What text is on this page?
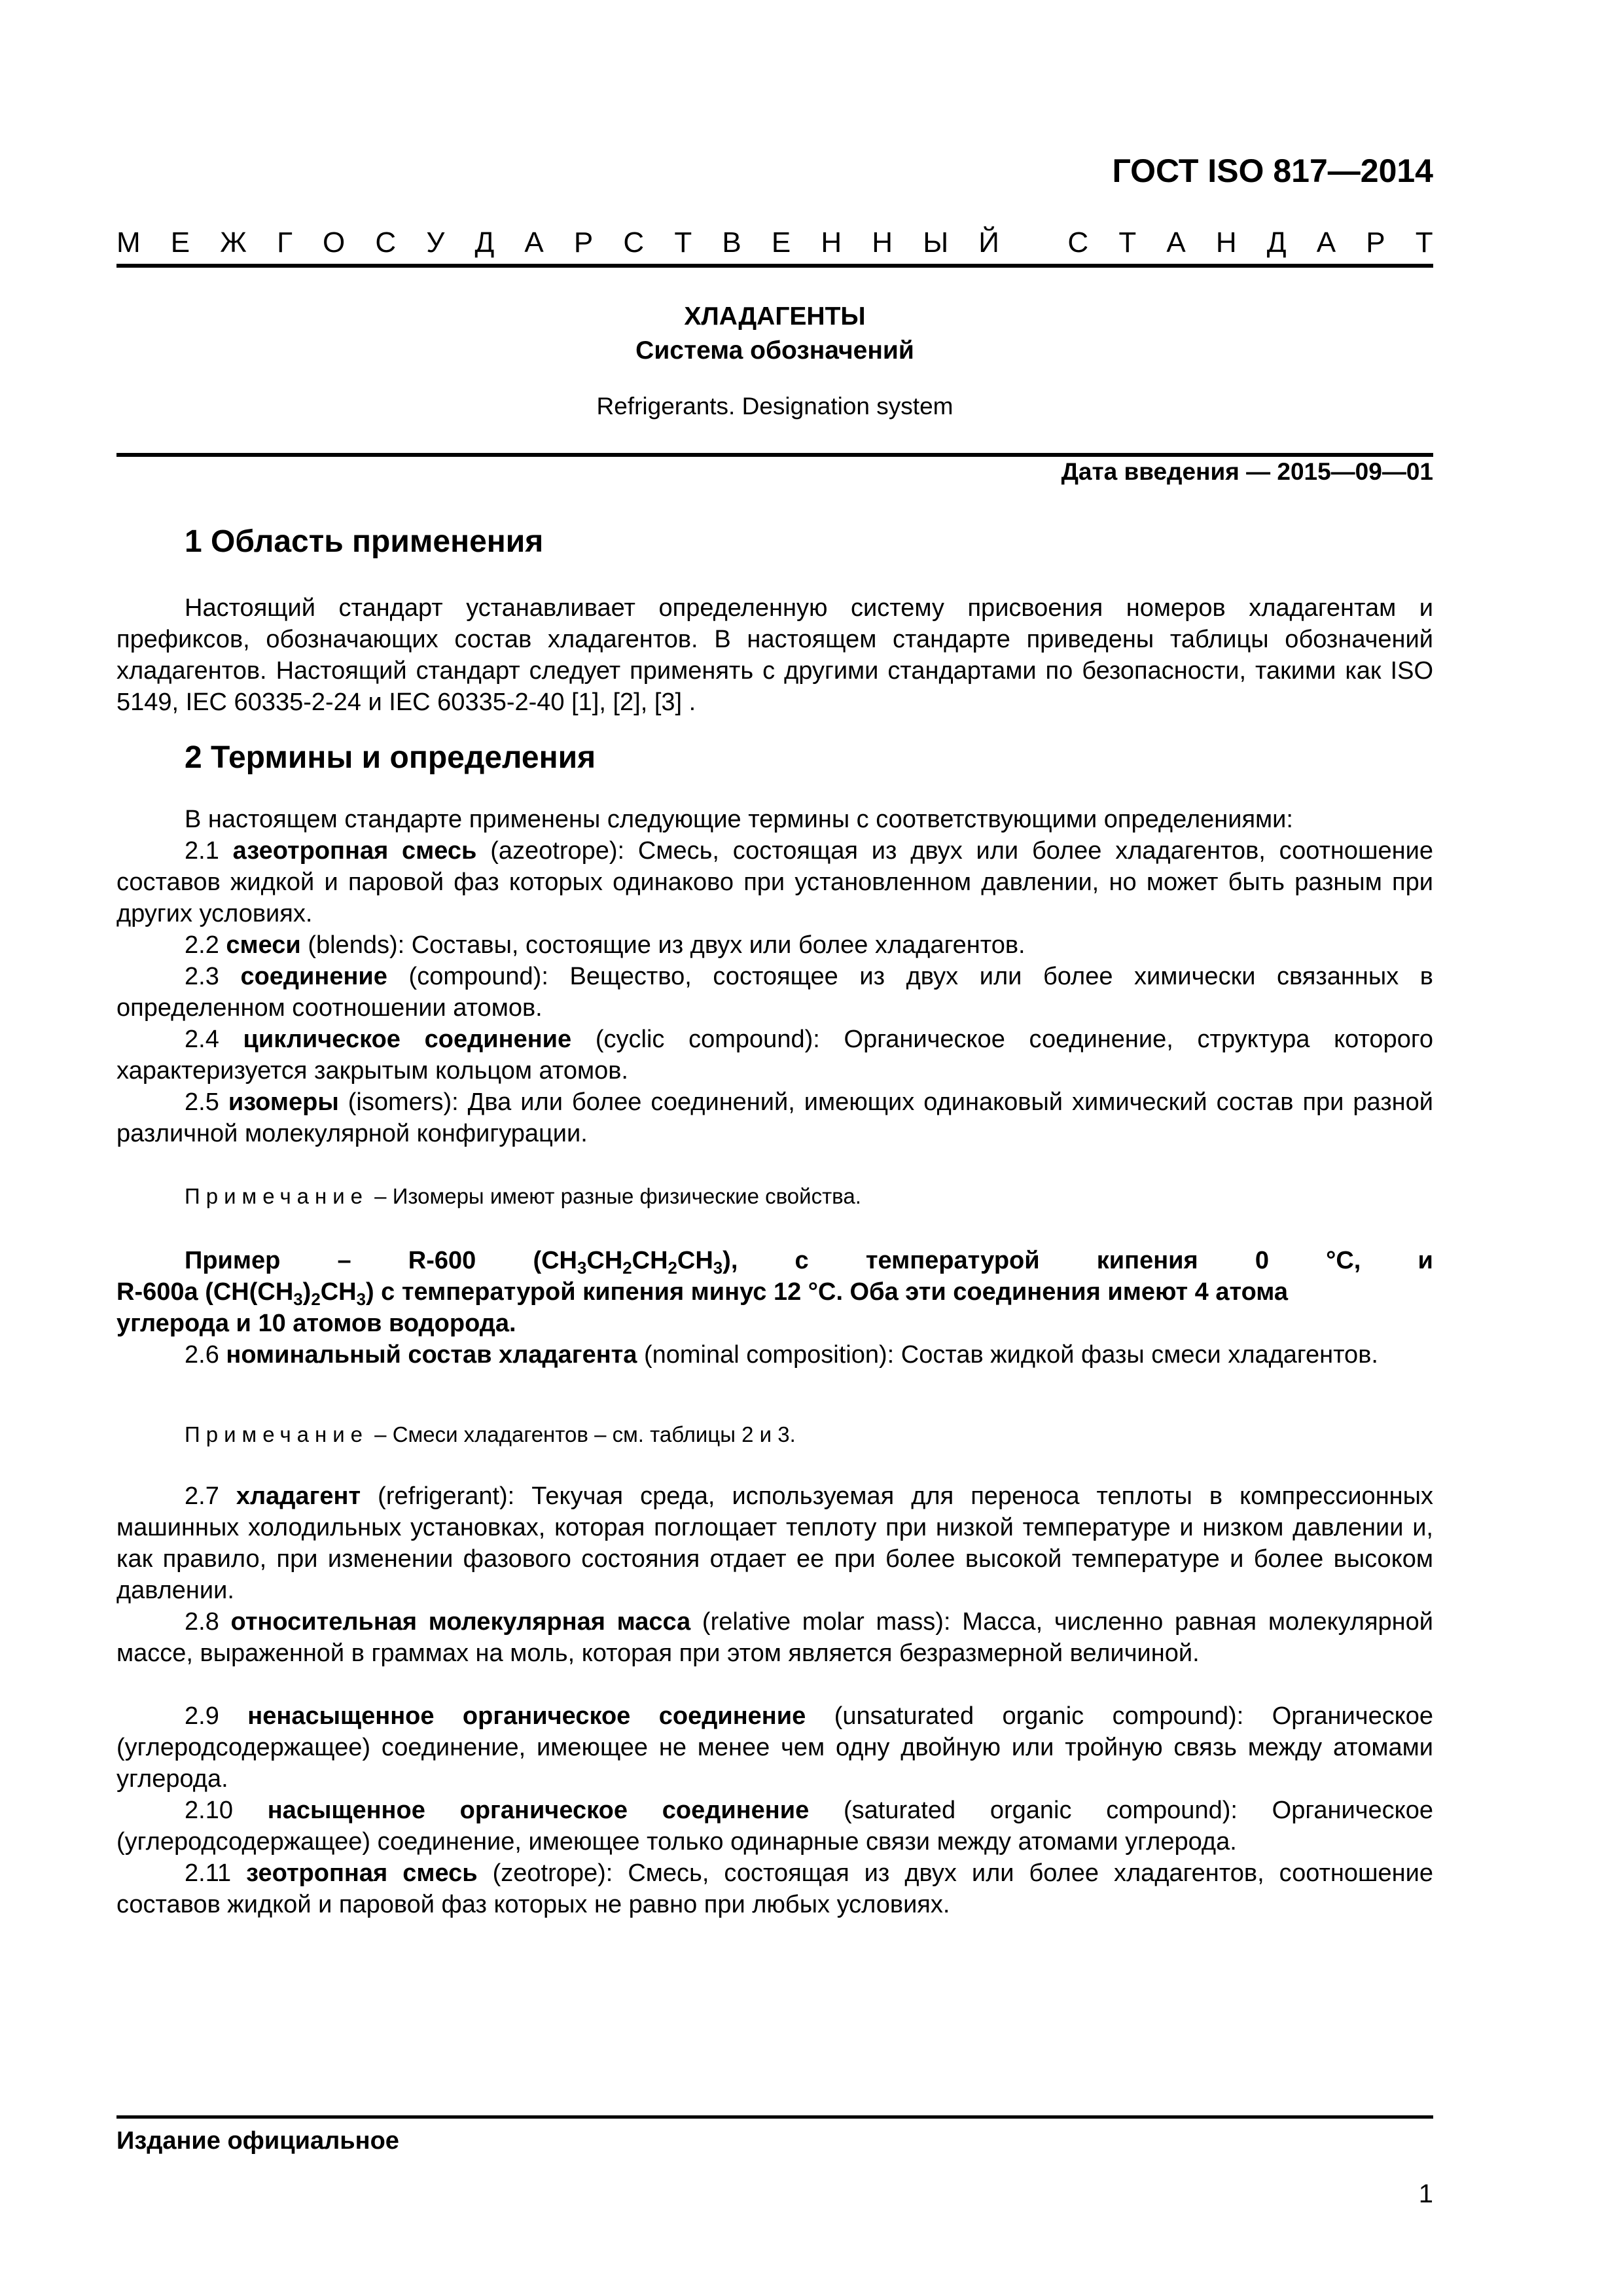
ГОСТ ISO 817—2014
М Е Ж Г О С У Д А Р С Т В Е Н Н Ы Й
С Т А Н Д А Р Т
ХЛАДАГЕНТЫ
Система обозначений
Refrigerants. Designation system
Дата введения — 2015—09—01
1 Область применения
Настоящий стандарт устанавливает определенную систему присвоения номеров хладагентам и префиксов, обозначающих состав хладагентов. В настоящем стандарте приведены таблицы обозначений хладагентов. Настоящий стандарт следует применять с другими стандартами по безопасности, такими как ISO 5149, IEC 60335-2-24 и IEC 60335-2-40 [1], [2], [3] .
2 Термины и определения
В настоящем стандарте применены следующие термины с соответствующими определениями:
2.1 азеотропная смесь (azeotrope): Смесь, состоящая из двух или более хладагентов, соотношение составов жидкой и паровой фаз которых одинаково при установленном давлении, но может быть разным при других условиях.
2.2 смеси (blends): Составы, состоящие из двух или более хладагентов.
2.3 соединение (compound): Вещество, состоящее из двух или более химически связанных в определенном соотношении атомов.
2.4 циклическое соединение (cyclic compound): Органическое соединение, структура которого характеризуется закрытым кольцом атомов.
2.5 изомеры (isomers): Два или более соединений, имеющих одинаковый химический состав при разной различной молекулярной конфигурации.
Примечание – Изомеры имеют разные физические свойства.
Пример – R-600 $(CH_3CH_2CH_2CH_3)$, с температурой кипения 0 °С, и
R-600a $(CH(CH_3)_2CH_3)$ с температурой кипения минус 12 °С. Оба эти соединения имеют 4 атома
углерода и 10 атомов водорода.
2.6 номинальный состав хладагента (nominal composition): Состав жидкой фазы смеси хладагентов.
Примечание – Смеси хладагентов – см. таблицы 2 и 3.
2.7 хладагент (refrigerant): Текучая среда, используемая для переноса теплоты в компрессионных машинных холодильных установках, которая поглощает теплоту при низкой температуре и низком давлении и, как правило, при изменении фазового состояния отдает ее при более высокой температуре и более высоком давлении.
2.8 относительная молекулярная масса (relative molar mass): Масса, численно равная молекулярной массе, выраженной в граммах на моль, которая при этом является безразмерной величиной.
2.9 ненасыщенное органическое соединение (unsaturated organic compound): Органическое (углеродсодержащее) соединение, имеющее не менее чем одну двойную или тройную связь между атомами углерода.
2.10 насыщенное органическое соединение (saturated organic compound): Органическое (углеродсодержащее) соединение, имеющее только одинарные связи между атомами углерода.
2.11 зеотропная смесь (zeotrope): Смесь, состоящая из двух или более хладагентов, соотношение составов жидкой и паровой фаз которых не равно при любых условиях.
Издание официальное
1
